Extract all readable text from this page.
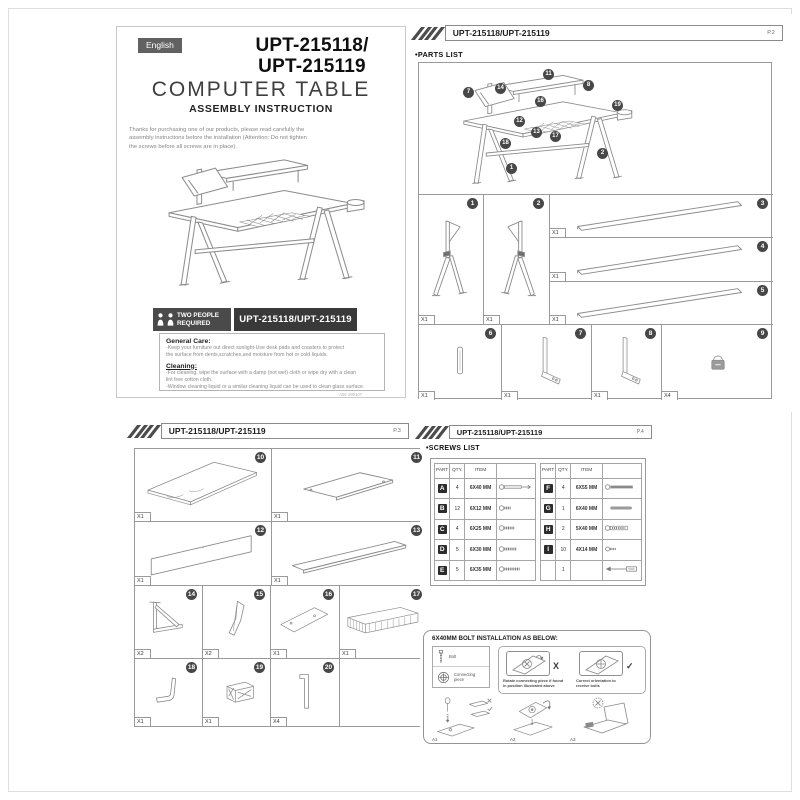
English	UPT-215118/
UPT-215119
COMPUTER TABLE
ASSEMBLY INSTRUCTION
Thanks for purchasing one of our products, please read carefully the assembly instructions before the installation (Attention: Do not tighten the screws before all screws are in place).
TWO PEOPLE
REQUIRED	UPT-215118/UPT-215119
General Care:
-Keep your furniture out direct sunlight-Use desk pads and coasters to protect
the surface from dents,scratches,and moisture from hot or cold liquids.
Cleaning:
-For cleaning, wipe the surface with a damp (not wet) cloth or wipe dry with a clean
lint free cotton cloth.
-Window cleaning liquid or a similar cleaning liquid can be used to clean glass surface.
A06 290107
UPT-215118/UPT-215119	P.2
•PARTS LIST
11
14
7
8
16
19
12
13
17
18
2
1
1
X1
2
X1
3
X1
4
X1
5
X1
6
X1
7
X1
8
X1
9
X4
UPT-215118/UPT-215119	P.3
10
X1
11
X1
12
X1
13
X1
14
X2
15
X2
16
X1
17
X1
18
X1
19
X1
20
X4
UPT-215118/UPT-215119	P.4
•SCREWS LIST
PART	QTY.	ITEM	
A	4	6X40 MM	
B	12	6X12 MM	
C	4	6X25 MM	
D	5	6X30 MM	
E	5	6X35 MM	
PART	QTY.	ITEM	
F	4	6X55 MM	
G	1	6X40 MM	
H	2	5X40 MM	
I	10	4X14 MM	
	1		
6X40MM BOLT INSTALLATION AS BELOW:
Bolt
Connecting piece
X
Rotate connecting piece if found
in position illustrated above
✓
Correct orientation to
receive bolts
A1	A2	A3
